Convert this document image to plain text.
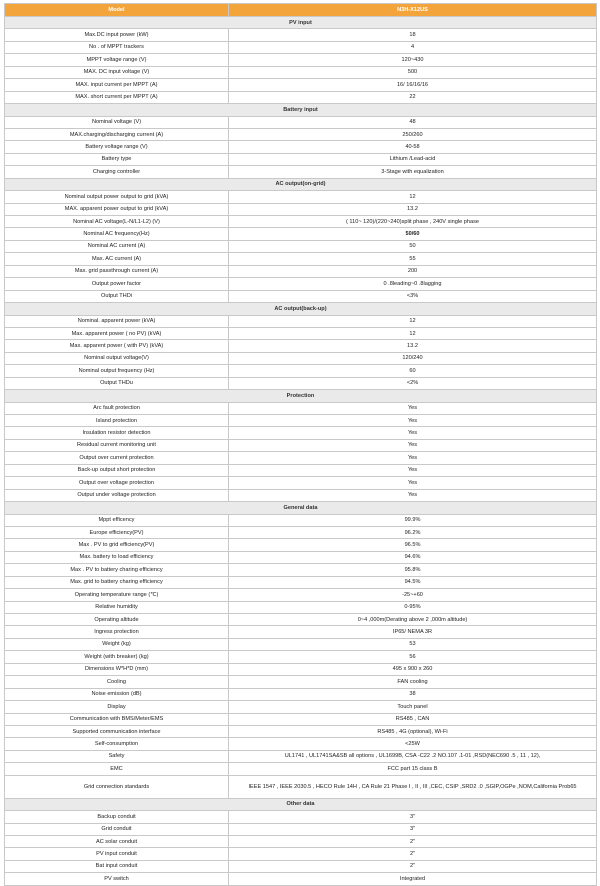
Model	N3H-X12US
PV input	
Max.DC input power (kW)	18
No . of MPPT trackers	4
MPPT voltage range (V)	120~430
MAX. DC input voltage (V)	500
MAX. input current per MPPT (A)	16/ 16/16/16
MAX. short current per MPPT (A)	22
Battery input	
Nominal voltage (V)	48
MAX.charging/discharging current (A)	250/260
Battery voltage range (V)	40-58
Battery type	Lithium /Lead-acid
Charging controller	3-Stage with equalization
AC output(on-grid)	
Nominal output power output to grid (kVA)	12
MAX. apparent power output to grid (kVA)	13.2
Nominal AC voltage(L-N/L1-L2) (V)	( 110~ 120)/(220~240)split phase , 240V single phase
Nominal AC frequency(Hz)	50/60
Nominal AC current (A)	50
Max. AC current (A)	55
Max. grid passthrough current (A)	200
Output power factor	0 .8leading~0 .8lagging
Output THDi	<3%
AC output(back-up)	
Nominal. apparent power (kVA)	12
Max. apparent power ( no PV) (kVA)	12
Max. apparent power ( with PV) (kVA)	13.2
Nominal output voltage(V)	120/240
Nominal output frequency (Hz)	60
Output THDu	<2%
Protection	
Arc fault protection	Yes
Island protection	Yes
Insulation resistor detection	Yes
Residual current monitoring unit	Yes
Output over current protection	Yes
Back-up output short protection	Yes
Output over voltage protection	Yes
Output under voltage protection	Yes
General data	
Mppt efficency	99.9%
Europe efficiency(PV)	96.2%
Max . PV to grid efficiency(PV)	96.5%
Max. battery to load efficiency	94.6%
Max . PV to battery charing efficiency	95.8%
Max. grid to battery charing efficiency	94.5%
Operating temperature range (℃)	-25~+60
Relative humidity	0-95%
Operating altitude	0~4 ,000m(Derating above 2 ,000m altitude)
Ingress protection	IP65/ NEMA 3R
Weight (kg)	53
Weight (with breaker) (kg)	56
Dimensions W*H*D (mm)	495 x 900 x 260
Cooling	FAN cooling
Noise emission (dB)	38
Display	Touch panel
Communication with BMS/Meter/EMS	RS485 , CAN
Supported communication interface	RS485 , 4G (optional), Wi-Fi
Self-consumption	<25W
Safety	UL1741 , UL1741SA&SB all options , UL1699B, CSA -C22 .2 NO.107 .1-01 ,RSD(NEC690 .5 , 11 , 12),
EMC	FCC part 15 class B
Grid connection standards	IEEE 1547 , IEEE 2030.5 , HECO Rule 14H , CA Rule 21 Phase I , II , III ,CEC, CSIP ,SRD2 .0 ,SGIP,OGPe ,NOM,California Prob65
Other data	
Backup conduit	3"
Grid conduit	3"
AC solar conduit	2"
PV input conduit	2"
Bat input conduit	2"
PV switch	Integrated
